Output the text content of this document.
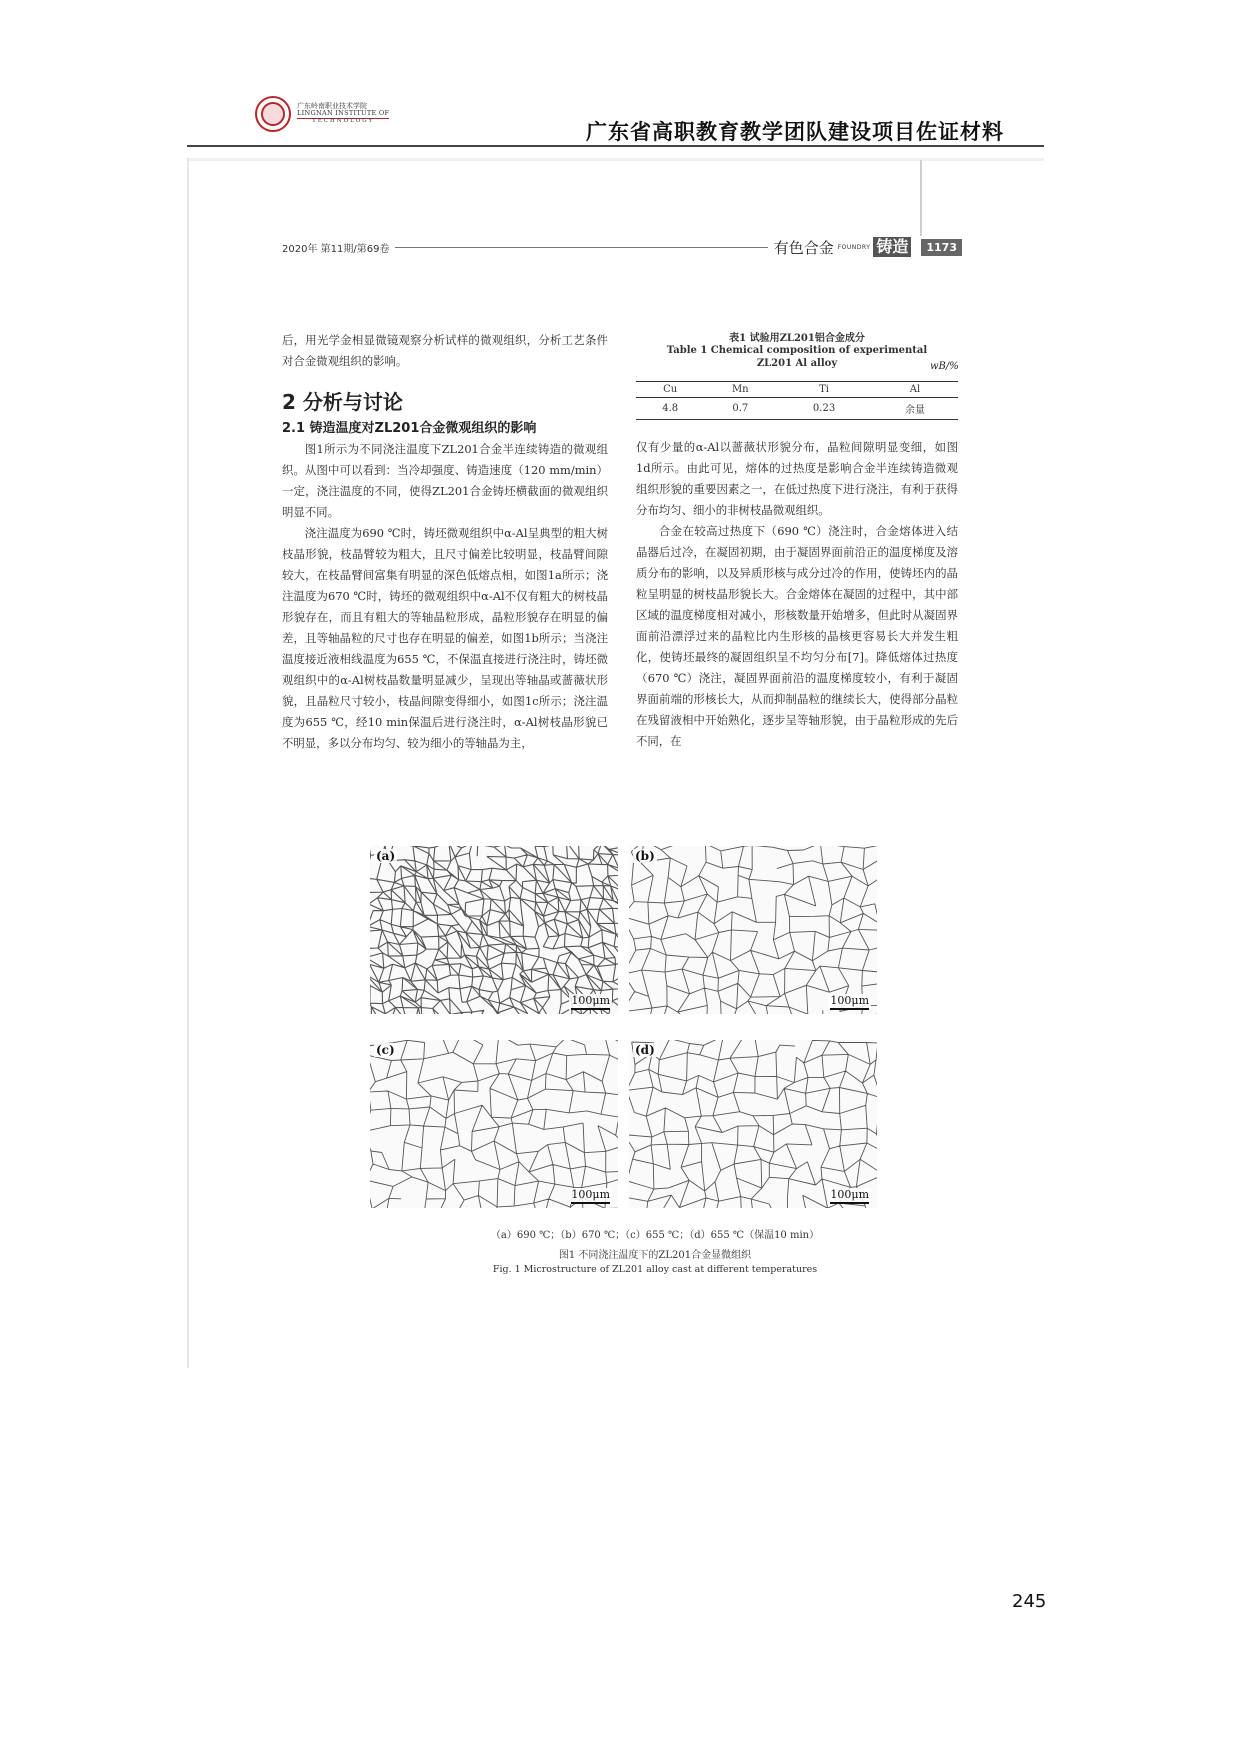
广东岭南职业技术学院
LINGNAN INSTITUTE OF
TECHNOLOGY	广东省高职教育教学团队建设项目佐证材料
2020年 第11期/第69卷	有色合金 FOUNDRY 铸造	1173

后，用光学金相显微镜观察分析试样的微观组织，分析工艺条件对合金微观组织的影响。

2 分析与讨论
2.1 铸造温度对ZL201合金微观组织的影响

图1所示为不同浇注温度下ZL201合金半连续铸造的微观组织。从图中可以看到：当冷却强度、铸造速度（120 mm/min）一定，浇注温度的不同，使得ZL201合金铸坯横截面的微观组织明显不同。

浇注温度为690 ℃时，铸坯微观组织中α-Al呈典型的粗大树枝晶形貌，枝晶臂较为粗大，且尺寸偏差比较明显，枝晶臂间隙较大，在枝晶臂间富集有明显的深色低熔点相，如图1a所示；浇注温度为670 ℃时，铸坯的微观组织中α-Al不仅有粗大的树枝晶形貌存在，而且有粗大的等轴晶粒形成，晶粒形貌存在明显的偏差，且等轴晶粒的尺寸也存在明显的偏差，如图1b所示；当浇注温度接近液相线温度为655 ℃，不保温直接进行浇注时，铸坯微观组织中的α-Al树枝晶数量明显减少，呈现出等轴晶或蔷薇状形貌，且晶粒尺寸较小，枝晶间隙变得细小，如图1c所示；浇注温度为655 ℃，经10 min保温后进行浇注时，α-Al树枝晶形貌已不明显，多以分布均匀、较为细小的等轴晶为主，

表1 试验用ZL201铝合金成分
Table 1 Chemical composition of experimental
ZL201 Al alloy	wB/%
Cu	Mn	Ti	Al
4.8	0.7	0.23	余量

仅有少量的α-Al以蔷薇状形貌分布，晶粒间隙明显变细，如图1d所示。由此可见，熔体的过热度是影响合金半连续铸造微观组织形貌的重要因素之一，在低过热度下进行浇注，有利于获得分布均匀、细小的非树枝晶微观组织。

合金在较高过热度下（690 ℃）浇注时，合金熔体进入结晶器后过冷，在凝固初期，由于凝固界面前沿正的温度梯度及溶质分布的影响，以及异质形核与成分过冷的作用，使铸坯内的晶粒呈明显的树枝晶形貌长大。合金熔体在凝固的过程中，其中部区域的温度梯度相对减小，形核数量开始增多，但此时从凝固界面前沿漂浮过来的晶粒比内生形核的晶核更容易长大并发生粗化，使铸坯最终的凝固组织呈不均匀分布[7]。降低熔体过热度（670 ℃）浇注，凝固界面前沿的温度梯度较小，有利于凝固界面前端的形核长大，从而抑制晶粒的继续长大，使得部分晶粒在残留液相中开始熟化，逐步呈等轴形貌，由于晶粒形成的先后不同，在

(a)
100μm
(b)
100μm
(c)
100μm
(d)
100μm
（a）690 ℃；（b）670 ℃；（c）655 ℃；（d）655 ℃（保温10 min）
图1 不同浇注温度下的ZL201合金显微组织
Fig. 1 Microstructure of ZL201 alloy cast at different temperatures
245
